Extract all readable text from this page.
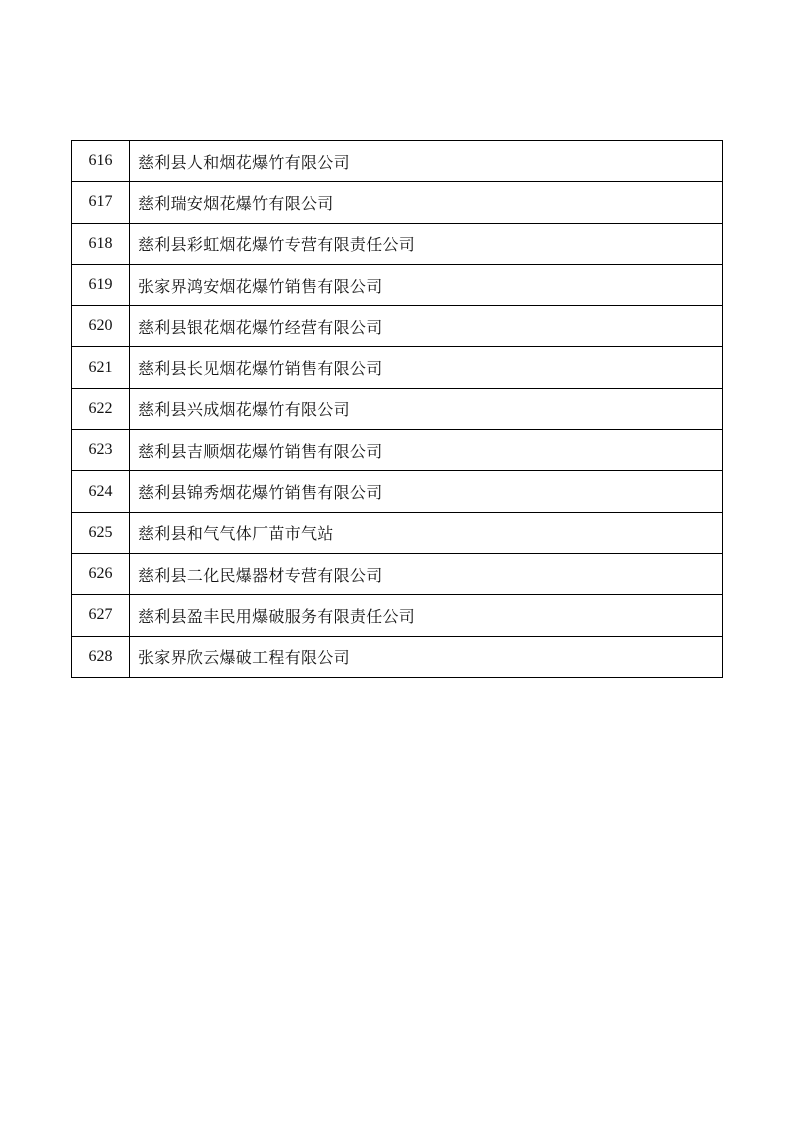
616	慈利县人和烟花爆竹有限公司
617	慈利瑞安烟花爆竹有限公司
618	慈利县彩虹烟花爆竹专营有限责任公司
619	张家界鸿安烟花爆竹销售有限公司
620	慈利县银花烟花爆竹经营有限公司
621	慈利县长见烟花爆竹销售有限公司
622	慈利县兴成烟花爆竹有限公司
623	慈利县吉顺烟花爆竹销售有限公司
624	慈利县锦秀烟花爆竹销售有限公司
625	慈利县和气气体厂苗市气站
626	慈利县二化民爆器材专营有限公司
627	慈利县盈丰民用爆破服务有限责任公司
628	张家界欣云爆破工程有限公司
